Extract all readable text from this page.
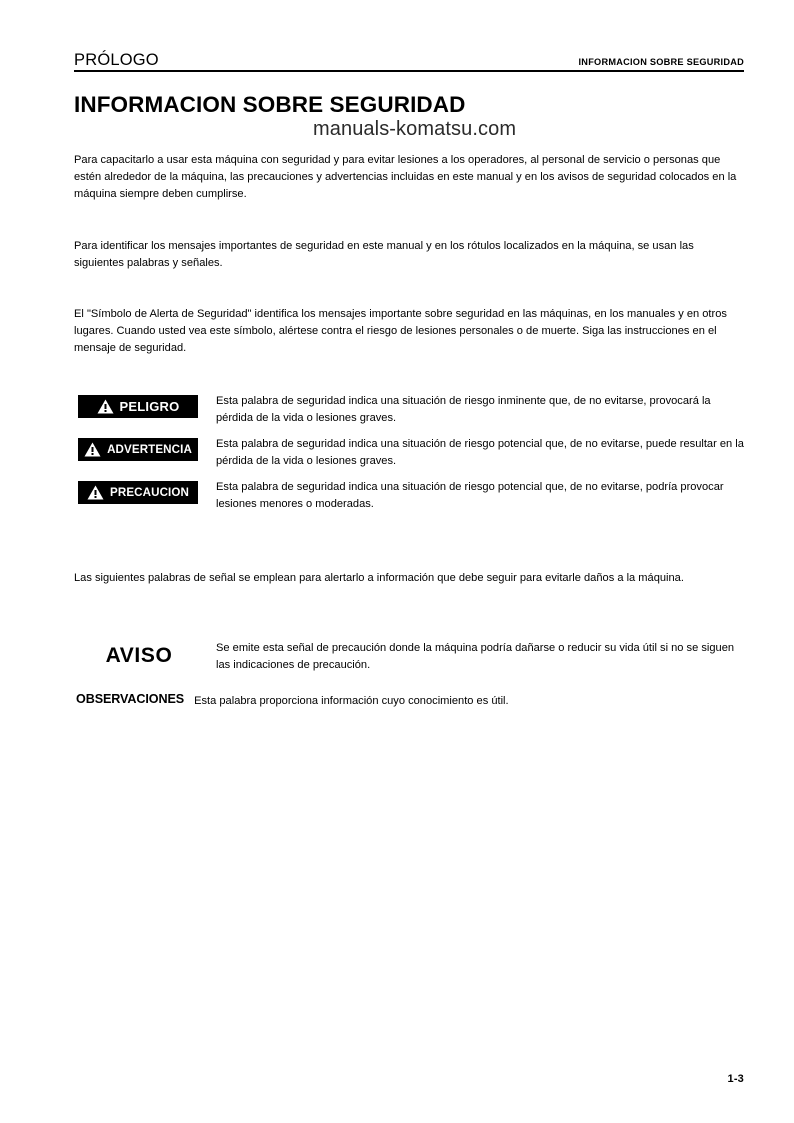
PRÓLOGO	INFORMACION SOBRE SEGURIDAD
INFORMACION SOBRE SEGURIDAD
manuals-komatsu.com
Para capacitarlo a usar esta máquina con seguridad y para evitar lesiones a los operadores, al personal de servicio o personas que estén alrededor de la máquina, las precauciones y advertencias incluidas en este manual y en los avisos de seguridad colocados en la máquina siempre deben cumplirse.
Para identificar los mensajes importantes de seguridad en este manual y en los rótulos localizados en la máquina, se usan las siguientes palabras y señales.
El "Símbolo de Alerta de Seguridad" identifica los mensajes importante sobre seguridad en las máquinas, en los manuales y en otros lugares. Cuando usted vea este símbolo, alértese contra el riesgo de lesiones personales o de muerte. Siga las instrucciones en el mensaje de seguridad.
PELIGRO	Esta palabra de seguridad indica una situación de riesgo inminente que, de no evitarse, provocará la pérdida de la vida o lesiones graves.
ADVERTENCIA Esta palabra de seguridad indica una situación de riesgo potencial que, de no evitarse, puede resultar en la pérdida de la vida o lesiones graves.
PRECAUCION Esta palabra de seguridad indica una situación de riesgo potencial que, de no evitarse, podría provocar lesiones menores o moderadas.
Las siguientes palabras de señal se emplean para alertarlo a información que debe seguir para evitarle daños a la máquina.
AVISO	Se emite esta señal de precaución donde la máquina podría dañarse o reducir su vida útil si no se siguen las indicaciones de precaución.
OBSERVACIONES Esta palabra proporciona información cuyo conocimiento es útil.
1-3
